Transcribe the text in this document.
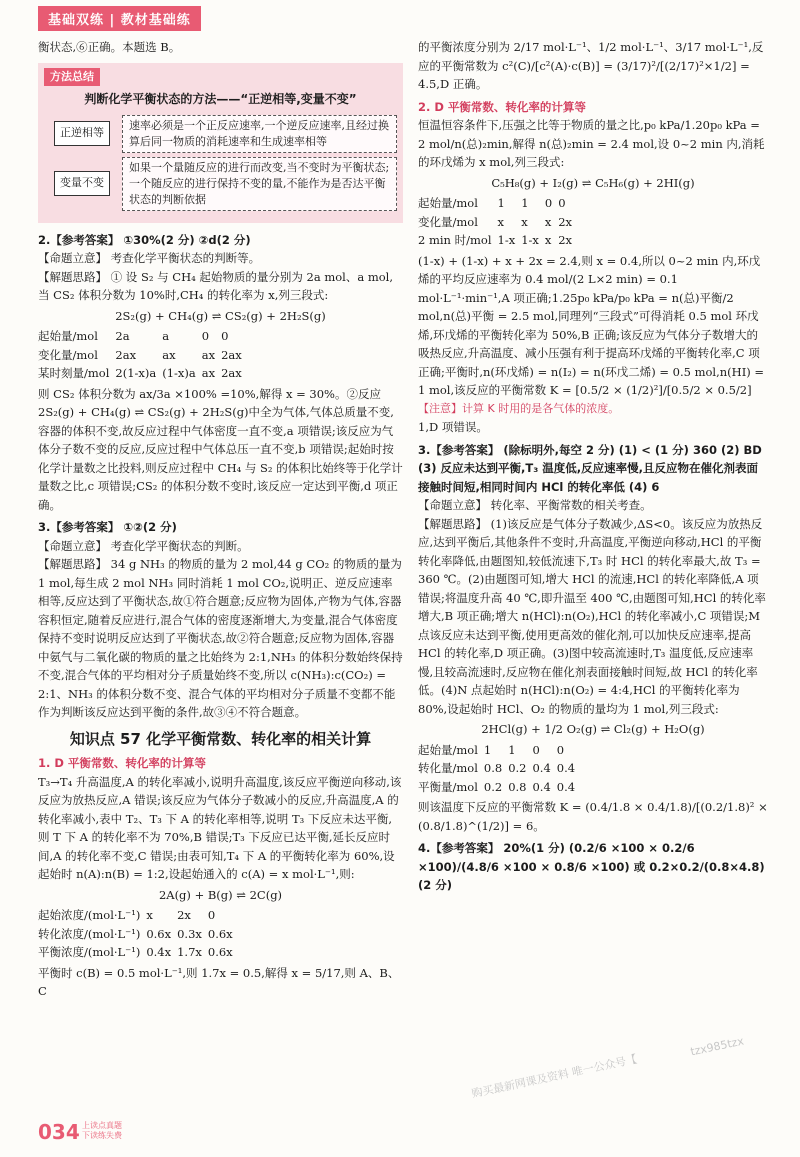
基础双练 | 教材基础练

衡状态,⑥正确。本题选 B。

方法总结
判断化学平衡状态的方法——“正逆相等,变量不变”
正逆相等
速率必须是一个正反应速率,一个逆反应速率,且经过换算后同一物质的消耗速率和生成速率相等
变量不变
如果一个量随反应的进行而改变,当不变时为平衡状态;一个随反应的进行保持不变的量,不能作为是否达平衡状态的判断依据

2.【参考答案】 ①30%(2 分) ②d(2 分)

【命题立意】 考查化学平衡状态的判断等。

【解题思路】 ① 设 S₂ 与 CH₄ 起始物质的量分别为 2a mol、a mol,当 CS₂ 体积分数为 10%时,CH₄ 的转化率为 x,列三段式:

2S₂(g) + CH₄(g) ⇌ CS₂(g) + 2H₂S(g)

起始量/mol	2a	a	0	0
变化量/mol	2ax	ax	ax	2ax
某时刻量/mol	2(1-x)a	(1-x)a	ax	2ax

则 CS₂ 体积分数为 ax/3a ×100% =10%,解得 x = 30%。②反应 2S₂(g) + CH₄(g) ⇌ CS₂(g) + 2H₂S(g)中全为气体,气体总质量不变,容器的体积不变,故反应过程中气体密度一直不变,a 项错误;该反应为气体分子数不变的反应,反应过程中气体总压一直不变,b 项错误;起始时按化学计量数之比投料,则反应过程中 CH₄ 与 S₂ 的体积比始终等于化学计量数之比,c 项错误;CS₂ 的体积分数不变时,该反应一定达到平衡,d 项正确。

3.【参考答案】 ①②(2 分)

【命题立意】 考查化学平衡状态的判断。

【解题思路】 34 g NH₃ 的物质的量为 2 mol,44 g CO₂ 的物质的量为 1 mol,每生成 2 mol NH₃ 同时消耗 1 mol CO₂,说明正、逆反应速率相等,反应达到了平衡状态,故①符合题意;反应物为固体,产物为气体,容器容积恒定,随着反应进行,混合气体的密度逐渐增大,为变量,混合气体密度保持不变时说明反应达到了平衡状态,故②符合题意;反应物为固体,容器中氨气与二氧化碳的物质的量之比始终为 2:1,NH₃ 的体积分数始终保持不变,混合气体的平均相对分子质量始终不变,所以 c(NH₃):c(CO₂) = 2:1、NH₃ 的体积分数不变、混合气体的平均相对分子质量不变都不能作为判断该反应达到平衡的条件,故③④不符合题意。

知识点 57 化学平衡常数、转化率的相关计算

1. D 平衡常数、转化率的计算等

T₃→T₄ 升高温度,A 的转化率减小,说明升高温度,该反应平衡逆向移动,该反应为放热反应,A 错误;该反应为气体分子数减小的反应,升高温度,A 的转化率减小,表中 T₂、T₃ 下 A 的转化率相等,说明 T₃ 下反应未达平衡,则 T 下 A 的转化率不为 70%,B 错误;T₃ 下反应已达平衡,延长反应时间,A 的转化率不变,C 错误;由表可知,T₄ 下 A 的平衡转化率为 60%,设起始时 n(A):n(B) = 1:2,设起始通入的 c(A) = x mol·L⁻¹,则:

2A(g) + B(g) ⇌ 2C(g)

起始浓度/(mol·L⁻¹)	x	2x	0
转化浓度/(mol·L⁻¹)	0.6x	0.3x	0.6x
平衡浓度/(mol·L⁻¹)	0.4x	1.7x	0.6x

平衡时 c(B) = 0.5 mol·L⁻¹,则 1.7x = 0.5,解得 x = 5/17,则 A、B、C

的平衡浓度分别为 2/17 mol·L⁻¹、1/2 mol·L⁻¹、3/17 mol·L⁻¹,反应的平衡常数为 c²(C)/[c²(A)·c(B)] = (3/17)²/[(2/17)²×1/2] = 4.5,D 正确。

2. D 平衡常数、转化率的计算等

恒温恒容条件下,压强之比等于物质的量之比,p₀ kPa/1.20p₀ kPa = 2 mol/n(总)₂min,解得 n(总)₂min = 2.4 mol,设 0~2 min 内,消耗的环戊烯为 x mol,列三段式:

C₅H₈(g) + I₂(g) ⇌ C₅H₆(g) + 2HI(g)

起始量/mol	1	1	0	0
变化量/mol	x	x	x	2x
2 min 时/mol	1-x	1-x	x	2x

(1-x) + (1-x) + x + 2x = 2.4,则 x = 0.4,所以 0~2 min 内,环戊烯的平均反应速率为 0.4 mol/(2 L×2 min) = 0.1 mol·L⁻¹·min⁻¹,A 项正确;1.25p₀ kPa/p₀ kPa = n(总)平衡/2 mol,n(总)平衡 = 2.5 mol,同理列“三段式”可得消耗 0.5 mol 环戊烯,环戊烯的平衡转化率为 50%,B 正确;该反应为气体分子数增大的吸热反应,升高温度、减小压强有利于提高环戊烯的平衡转化率,C 项正确;平衡时,n(环戊烯) = n(I₂) = n(环戊二烯) = 0.5 mol,n(HI) = 1 mol,该反应的平衡常数 K = [0.5/2 × (1/2)²]/[0.5/2 × 0.5/2]

【注意】计算 K 时用的是各气体的浓度。

1,D 项错误。

3.【参考答案】 (除标明外,每空 2 分) (1) < (1 分) 360 (2) BD (3) 反应未达到平衡,T₃ 温度低,反应速率慢,且反应物在催化剂表面接触时间短,相同时间内 HCl 的转化率低 (4) 6

【命题立意】 转化率、平衡常数的相关考查。

【解题思路】 (1)该反应是气体分子数减少,ΔS<0。该反应为放热反应,达到平衡后,其他条件不变时,升高温度,平衡逆向移动,HCl 的平衡转化率降低,由题图知,较低流速下,T₃ 时 HCl 的转化率最大,故 T₃ = 360 ℃。(2)由题图可知,增大 HCl 的流速,HCl 的转化率降低,A 项错误;将温度升高 40 ℃,即升温至 400 ℃,由题图可知,HCl 的转化率增大,B 项正确;增大 n(HCl):n(O₂),HCl 的转化率减小,C 项错误;M 点该反应未达到平衡,使用更高效的催化剂,可以加快反应速率,提高 HCl 的转化率,D 项正确。(3)图中较高流速时,T₃ 温度低,反应速率慢,且较高流速时,反应物在催化剂表面接触时间短,故 HCl 的转化率低。(4)N 点起始时 n(HCl):n(O₂) = 4:4,HCl 的平衡转化率为 80%,设起始时 HCl、O₂ 的物质的量均为 1 mol,列三段式:

2HCl(g) + 1/2 O₂(g) ⇌ Cl₂(g) + H₂O(g)

起始量/mol	1	1	0	0
转化量/mol	0.8	0.2	0.4	0.4
平衡量/mol	0.2	0.8	0.4	0.4

则该温度下反应的平衡常数 K = (0.4/1.8 × 0.4/1.8)/[(0.2/1.8)² × (0.8/1.8)^(1/2)] = 6。

4.【参考答案】 20%(1 分) (0.2/6 ×100 × 0.2/6 ×100)/(4.8/6 ×100 × 0.8/6 ×100) 或 0.2×0.2/(0.8×4.8)(2 分)

034 上读点真题
下读练失费
购买最新网课及资料 唯一公众号【
tzx985tzx
